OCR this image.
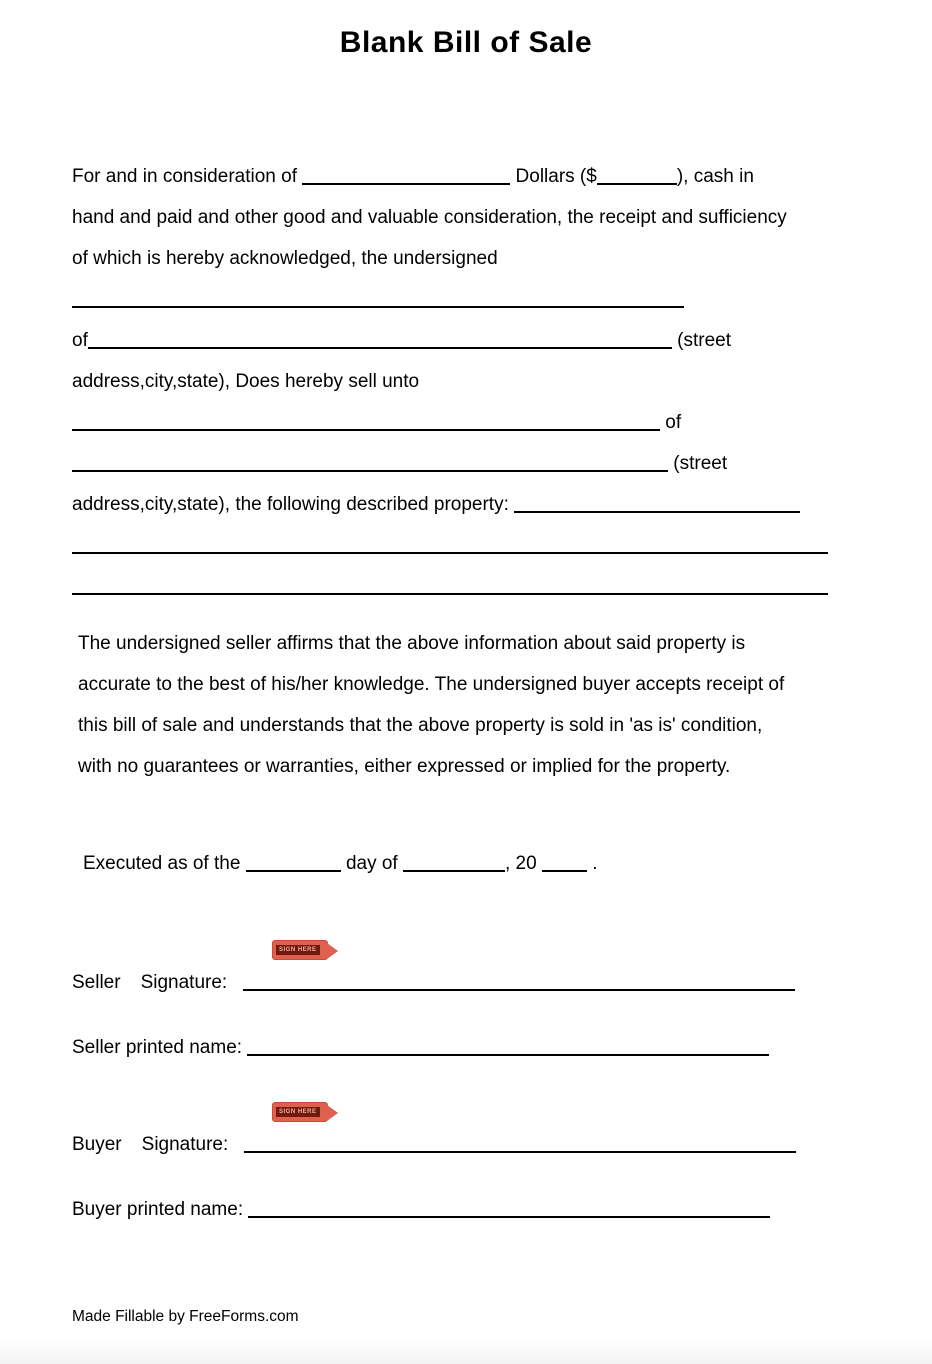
Blank Bill of Sale
For and in consideration of	Dollars ($	), cash in
hand and paid and other good and valuable consideration, the receipt and sufficiency
of which is hereby acknowledged, the undersigned
of	(street
address,city,state), Does hereby sell unto
of
(street
address,city,state), the following described property:
The undersigned seller affirms that the above information about said property is
accurate to the best of his/her knowledge. The undersigned buyer accepts receipt of
this bill of sale and understands that the above property is sold in 'as is' condition,
with no guarantees or warranties, either expressed or implied for the property.
Executed as of the	day of	, 20	.
SIGN HERE
Seller Signature:
Seller printed name:
SIGN HERE
Buyer Signature:
Buyer printed name:
Made Fillable by FreeForms.com
